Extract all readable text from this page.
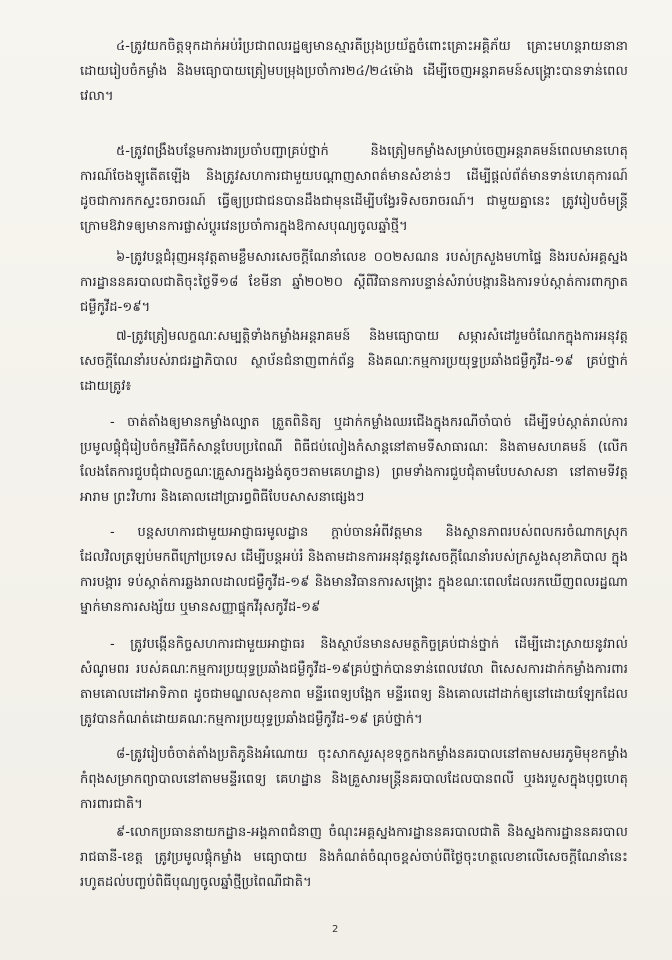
៤-ត្រូវយកចិត្តទុកដាក់អប់រំប្រជាពលរដ្ឋឲ្យមានស្មារតីប្រុងប្រយ័ត្នចំពោះគ្រោះអគ្គិភ័យ គ្រោះមហន្តរាយនានា ដោយរៀបចំកម្លាំង និងមធ្យោបាយត្រៀមបម្រុងប្រចាំការ២៤/២៤ម៉ោង ដើម្បីចេញអន្តរាគមន៍សង្គ្រោះបានទាន់ពេលវេលា។

៥-ត្រូវពង្រឹងបន្ថែមការងារប្រចាំបញ្ជាគ្រប់ថ្នាក់ និងត្រៀមកម្លាំងសម្រាប់ចេញអន្តរាគមន៍ពេលមានហេតុការណ៍ចែងឡូតើតឡើង និងត្រូវសហការជាមួយបណ្តាញសាពត៌មានសំខាន់ៗ ដើម្បីផ្តល់ព័ត៌មានទាន់ហេតុការណ៍ ដូចជាការកកស្ទះចរាចរណ៍ ធ្វើឲ្យប្រជាជនបានដឹងជាមុនដើម្បីបង្វែរទិសចរាចរណ៍។ ជាមួយគ្នានេះ ត្រូវរៀបចំមន្ត្រីក្រោមឱវាទឲ្យមានការផ្លាស់ប្តូរវេនប្រចាំការក្នុងឱកាសបុណ្យចូលឆ្នាំថ្មី។

៦-ត្រូវបន្តជំរុញអនុវត្តតាមខ្លឹមសារសេចក្តីណែនាំលេខ ០០២សណន របស់ក្រសួងមហាផ្ទៃ និងរបស់អគ្គស្នងការដ្ឋាននគរបាលជាតិចុះថ្ងៃទី១៨ ខែមីនា ឆ្នាំ២០២០ ស្តីពីវិធានការបន្ទាន់សំរាប់បង្ការនិងការទប់ស្កាត់ការពាក្យាតជម្ងឺកូវីដ-១៩។

៧-ត្រូវត្រៀមលក្ខណៈសម្បត្តិទាំងកម្លាំងអន្តរាគមន៍ និងមធ្យោបាយ សម្ភារសំដៅរួមចំណែកក្នុងការអនុវត្តសេចក្តីណែនាំរបស់រាជរដ្ឋាភិបាល ស្ថាប័នជំនាញពាក់ព័ន្ធ និងគណៈកម្មការប្រយុទ្ធប្រឆាំងជម្ងឺកូវីដ-១៩ គ្រប់ថ្នាក់ ដោយត្រូវ៖

- ចាត់តាំងឲ្យមានកម្លាំងល្បាត ត្រួតពិនិត្យ ឬដាក់កម្លាំងឈរជើងក្នុងករណីចាំបាច់ ដើម្បីទប់ស្កាត់រាល់ការប្រមូលផ្តុំជុំរៀបចំកម្មវិធីកំសាន្តបែបប្រពៃណី ពិធីជប់លៀងកំសាន្តនៅតាមទីសាធារណៈ និងតាមសហគមន៍ (លើកលែងតែការជួបជុំជាលក្ខណៈគ្រួសារក្នុងរង្វង់តូចៗតាមគេហដ្ឋាន) ព្រមទាំងការជួបជុំតាមបែបសាសនា នៅតាមទីវត្តអារាម ព្រះវិហារ និងគោលដៅប្រារព្ធពិធីបែបសាសនាផ្សេងៗ

- បន្តសហការជាមួយអាជ្ញាធរមូលដ្ឋាន ក្តាប់ចានអំពីវត្តមាន និងស្ថានភាពរបស់ពលករចំណាកស្រុកដែលវិលត្រឡប់មកពីក្រៅប្រទេស ដើម្បីបន្តអប់រំ និងតាមដានការអនុវត្តនូវសេចក្តីណែនាំរបស់ក្រសួងសុខាភិបាល ក្នុងការបង្ការ ទប់ស្កាត់ការឆ្លងរាលដាលជម្ងឺកូវីដ-១៩ និងមានវិធានការសង្គ្រោះ ក្នុងខណៈពេលដែលរកឃើញពលរដ្ឋណាម្នាក់មានការសង្ស័យ ឬមានសញ្ញាផ្ទុកវីរុសកូវីដ-១៩

- ត្រូវបង្កើនកិច្ចសហការជាមួយអាជ្ញាធរ និងស្ថាប័នមានសមត្ថកិច្ចគ្រប់ជាន់ថ្នាក់ ដើម្បីដោះស្រាយនូវរាល់សំណូមពរ របស់គណៈកម្មការប្រយុទ្ធប្រឆាំងជម្ងឺកូវីដ-១៩គ្រប់ថ្នាក់បានទាន់ពេលវេលា ពិសេសការដាក់កម្លាំងការពារតាមគោលដៅអាទិភាព ដូចជាមណ្ឌលសុខភាព មន្ទីរពេទ្យបង្អែក មន្ទីរពេទ្យ និងគោលដៅដាក់ឲ្យនៅដោយឡែកដែលត្រូវបានកំណត់ដោយគណៈកម្មការប្រយុទ្ធប្រឆាំងជម្ងឺកូវីដ-១៩ គ្រប់ថ្នាក់។

៨-ត្រូវរៀបចំចាត់តាំងប្រតិភូនិងអំណោយ ចុះសាកសួរសុខទុក្ខកងកម្លាំងនគរបាលនៅតាមសមរភូមិមុខកម្លាំងកំពុងសម្រាកព្យាបាលនៅតាមមន្ទីរពេទ្យ គេហដ្ឋាន និងគ្រួសារមន្ត្រីនគរបាលដែលបានពលី ឬរងរបួសក្នុងបុព្វហេតុការពារជាតិ។

៩-លោកប្រធាននាយកដ្ឋាន-អង្គភាពជំនាញ ចំណុះអគ្គស្នងការដ្ឋាននគរបាលជាតិ និងស្នងការដ្ឋាននគរបាលរាជធានី-ខេត្ត ត្រូវប្រមូលផ្តុំកម្លាំង មធ្យោបាយ និងកំណត់ចំណុចខ្ពស់ចាប់ពីថ្ងៃចុះហត្ថលេខាលើសេចក្តីណែនាំនេះ រហូតដល់បញ្ចប់ពិធីបុណ្យចូលឆ្នាំថ្មីប្រពៃណីជាតិ។

2
